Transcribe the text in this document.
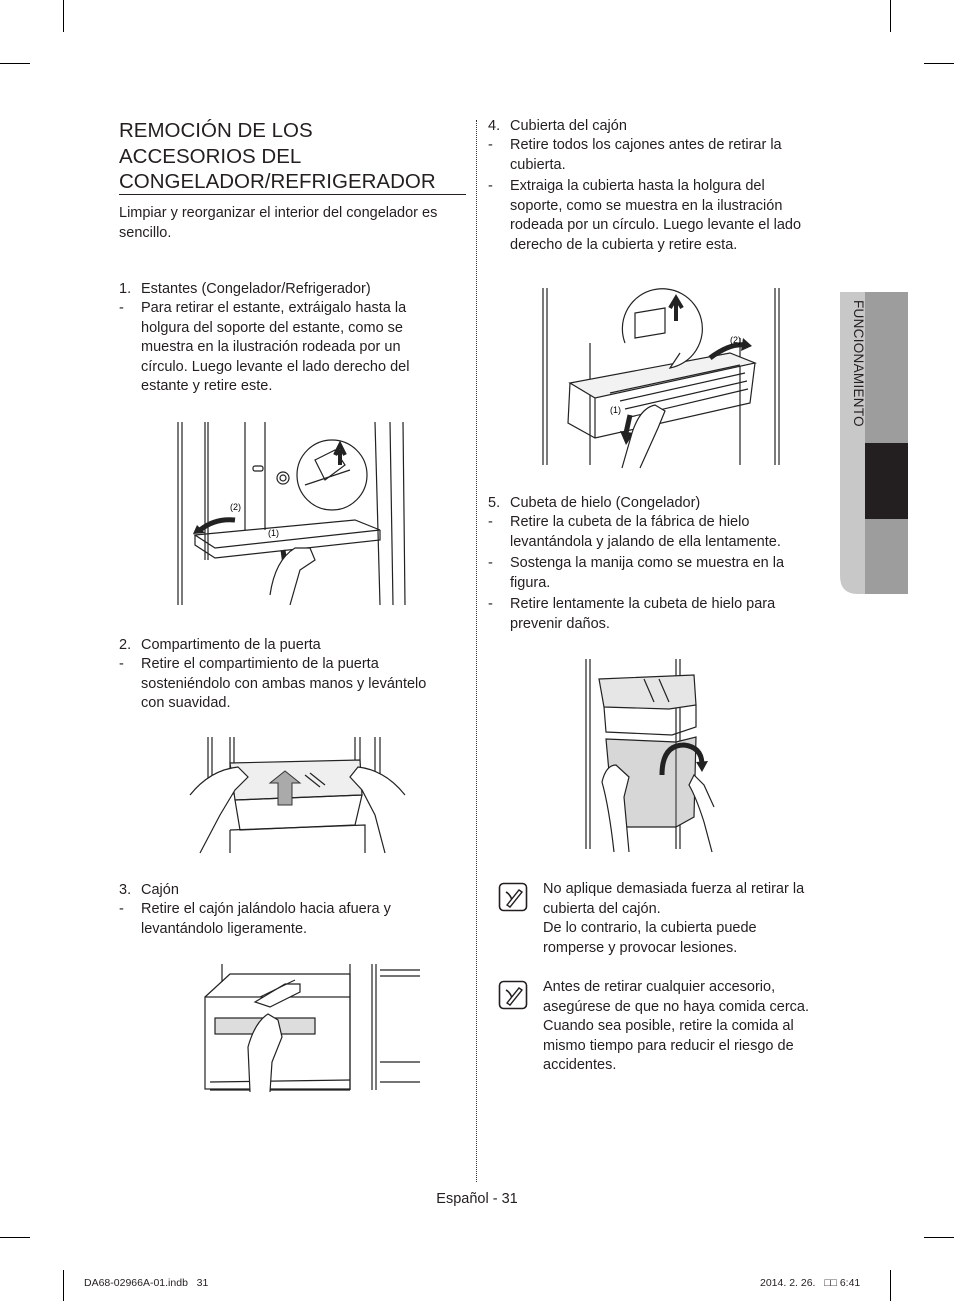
REMOCIÓN DE LOS
ACCESORIOS DEL
CONGELADOR/REFRIGERADOR
Limpiar y reorganizar el interior del congelador es sencillo.
1. Estantes (Congelador/Refrigerador)
- Para retirar el estante, extráigalo hasta la
holgura del soporte del estante, como se
muestra en la ilustración rodeada por un
círculo. Luego levante el lado derecho del
estante y retire este.
(2)
(1)
2. Compartimento de la puerta
- Retire el compartimiento de la puerta
sosteniéndolo con ambas manos y levántelo
con suavidad.
3. Cajón
- Retire el cajón jalándolo hacia afuera y
levantándolo ligeramente.
4. Cubierta del cajón
- Retire todos los cajones antes de retirar la
cubierta.
- Extraiga la cubierta hasta la holgura del
soporte, como se muestra en la ilustración
rodeada por un círculo. Luego levante el lado
derecho de la cubierta y retire esta.
(2)
(1)
5. Cubeta de hielo (Congelador)
- Retire la cubeta de la fábrica de hielo
levantándola y jalando de ella lentamente.
- Sostenga la manija como se muestra en la
figura.
- Retire lentamente la cubeta de hielo para
prevenir daños.
No aplique demasiada fuerza al retirar la
cubierta del cajón.
De lo contrario, la cubierta puede
romperse y provocar lesiones.
Antes de retirar cualquier accesorio,
asegúrese de que no haya comida cerca.
Cuando sea posible, retire la comida al
mismo tiempo para reducir el riesgo de
accidentes.
FUNCIONAMIENTO
Español - 31
DA68-02966A-01.indb   31	2014. 2. 26.   □□ 6:41
